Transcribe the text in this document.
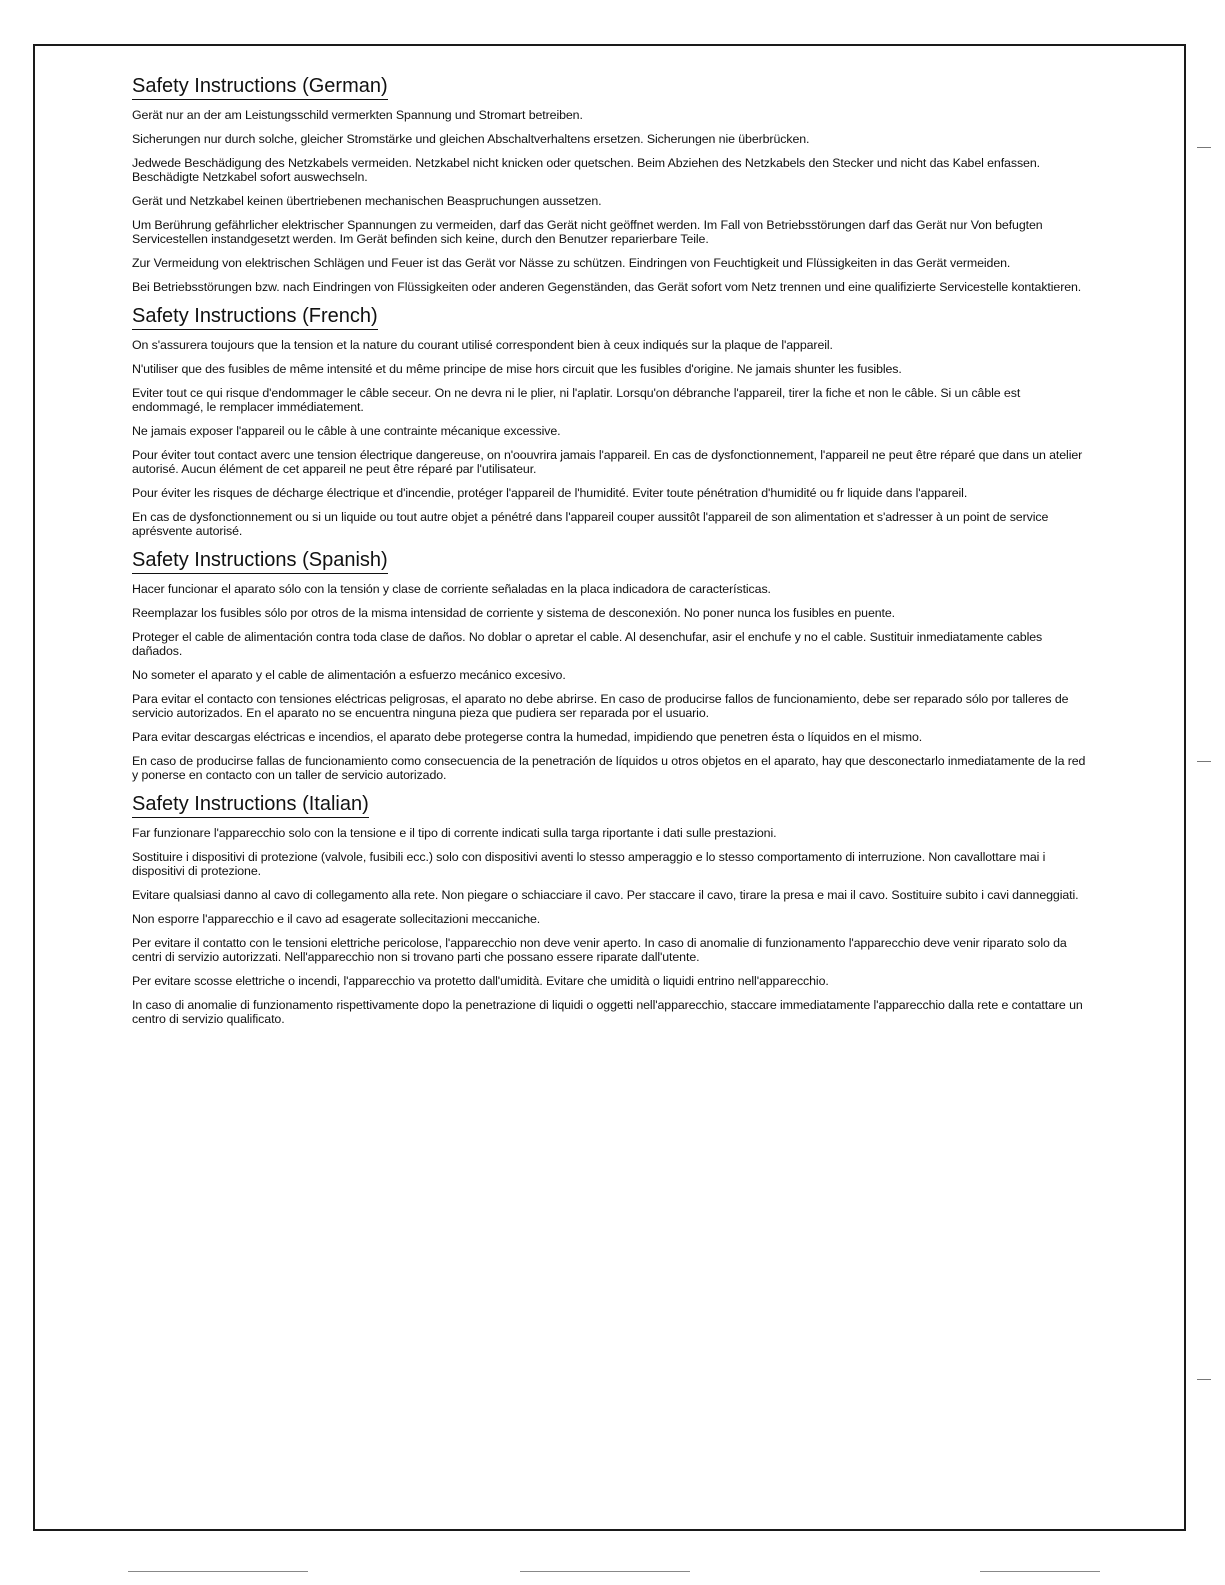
Safety Instructions (German)

Gerät nur an der am Leistungsschild vermerkten Spannung und Stromart betreiben.

Sicherungen nur durch solche, gleicher Stromstärke und gleichen Abschaltverhaltens ersetzen. Sicherungen nie überbrücken.

Jedwede Beschädigung des Netzkabels vermeiden. Netzkabel nicht knicken oder quetschen. Beim Abziehen des Netzkabels den Stecker und nicht das Kabel enfassen. Beschädigte Netzkabel sofort auswechseln.

Gerät und Netzkabel keinen übertriebenen mechanischen Beaspruchungen aussetzen.

Um Berührung gefährlicher elektrischer Spannungen zu vermeiden, darf das Gerät nicht geöffnet werden. Im Fall von Betriebsstörungen darf das Gerät nur Von befugten Servicestellen instandgesetzt werden. Im Gerät befinden sich keine, durch den Benutzer reparierbare Teile.

Zur Vermeidung von elektrischen Schlägen und Feuer ist das Gerät vor Nässe zu schützen. Eindringen von Feuchtigkeit und Flüssigkeiten in das Gerät vermeiden.

Bei Betriebsstörungen bzw. nach Eindringen von Flüssigkeiten oder anderen Gegenständen, das Gerät sofort vom Netz trennen und eine qualifizierte Servicestelle kontaktieren.

Safety Instructions (French)

On s'assurera toujours que la tension et la nature du courant utilisé correspondent bien à ceux indiqués sur la plaque de l'appareil.

N'utiliser que des fusibles de même intensité et du même principe de mise hors circuit que les fusibles d'origine. Ne jamais shunter les fusibles.

Eviter tout ce qui risque d'endommager le câble seceur. On ne devra ni le plier, ni l'aplatir. Lorsqu'on débranche l'appareil, tirer la fiche et non le câble. Si un câble est endommagé, le remplacer immédiatement.

Ne jamais exposer l'appareil ou le câble à une contrainte mécanique excessive.

Pour éviter tout contact averc une tension électrique dangereuse, on n'oouvrira jamais l'appareil. En cas de dysfonctionnement, l'appareil ne peut être réparé que dans un atelier autorisé. Aucun élément de cet appareil ne peut être réparé par l'utilisateur.

Pour éviter les risques de décharge électrique et d'incendie, protéger l'appareil de l'humidité. Eviter toute pénétration d'humidité ou fr liquide dans l'appareil.

En cas de dysfonctionnement ou si un liquide ou tout autre objet a pénétré dans l'appareil couper aussitôt l'appareil de son alimentation et s'adresser à un point de service aprésvente autorisé.

Safety Instructions (Spanish)

Hacer funcionar el aparato sólo con la tensión y clase de corriente señaladas en la placa indicadora de características.

Reemplazar los fusibles sólo por otros de la misma intensidad de corriente y sistema de desconexión. No poner nunca los fusibles en puente.

Proteger el cable de alimentación contra toda clase de daños. No doblar o apretar el cable. Al desenchufar, asir el enchufe y no el cable. Sustituir inmediatamente cables dañados.

No someter el aparato y el cable de alimentación a esfuerzo mecánico excesivo.

Para evitar el contacto con tensiones eléctricas peligrosas, el aparato no debe abrirse. En caso de producirse fallos de funcionamiento, debe ser reparado sólo por talleres de servicio autorizados. En el aparato no se encuentra ninguna pieza que pudiera ser reparada por el usuario.

Para evitar descargas eléctricas e incendios, el aparato debe protegerse contra la humedad, impidiendo que penetren ésta o líquidos en el mismo.

En caso de producirse fallas de funcionamiento como consecuencia de la penetración de líquidos u otros objetos en el aparato, hay que desconectarlo inmediatamente de la red y ponerse en contacto con un taller de servicio autorizado.

Safety Instructions (Italian)

Far funzionare l'apparecchio solo con la tensione e il tipo di corrente indicati sulla targa riportante i dati sulle prestazioni.

Sostituire i dispositivi di protezione (valvole, fusibili ecc.) solo con dispositivi aventi lo stesso amperaggio e lo stesso comportamento di interruzione. Non cavallottare mai i dispositivi di protezione.

Evitare qualsiasi danno al cavo di collegamento alla rete. Non piegare o schiacciare il cavo. Per staccare il cavo, tirare la presa e mai il cavo. Sostituire subito i cavi danneggiati.

Non esporre l'apparecchio e il cavo ad esagerate sollecitazioni meccaniche.

Per evitare il contatto con le tensioni elettriche pericolose, l'apparecchio non deve venir aperto. In caso di anomalie di funzionamento l'apparecchio deve venir riparato solo da centri di servizio autorizzati. Nell'apparecchio non si trovano parti che possano essere riparate dall'utente.

Per evitare scosse elettriche o incendi, l'apparecchio va protetto dall'umidità. Evitare che umidità o liquidi entrino nell'apparecchio.

In caso di anomalie di funzionamento rispettivamente dopo la penetrazione di liquidi o oggetti nell'apparecchio, staccare immediatamente l'apparecchio dalla rete e contattare un centro di servizio qualificato.
